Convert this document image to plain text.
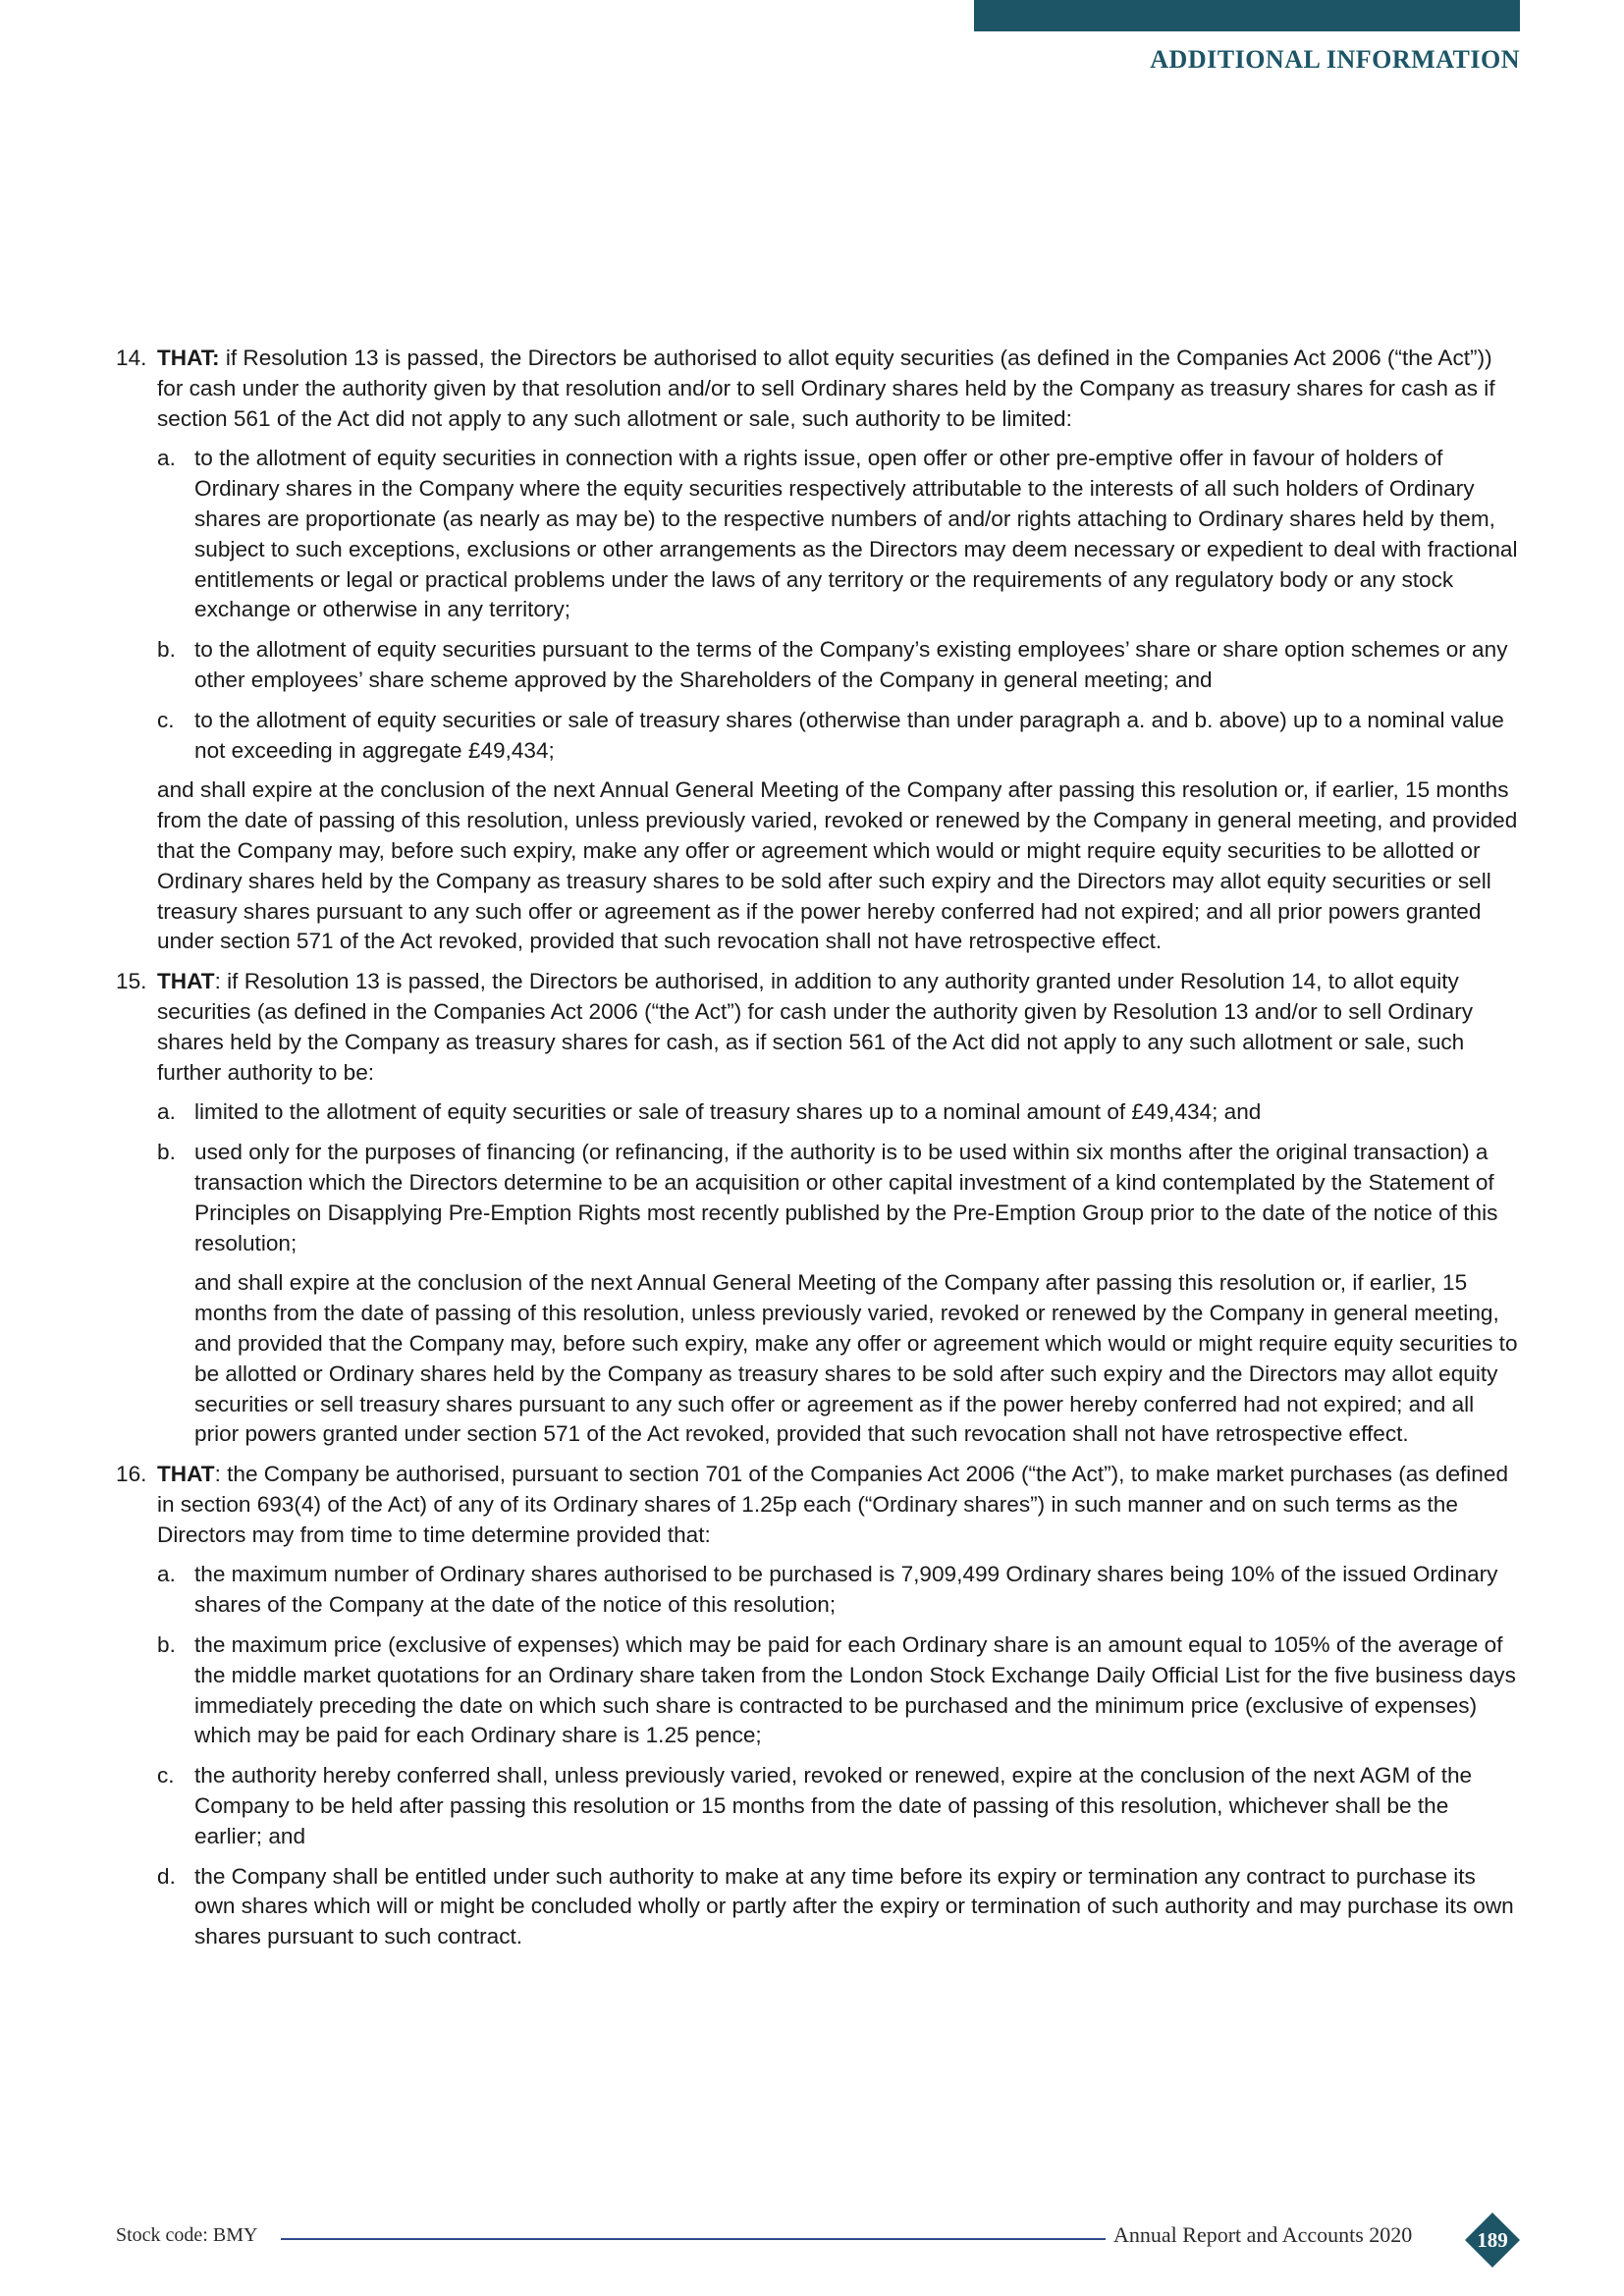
ADDITIONAL INFORMATION
14. THAT: if Resolution 13 is passed, the Directors be authorised to allot equity securities (as defined in the Companies Act 2006 (“the Act”)) for cash under the authority given by that resolution and/or to sell Ordinary shares held by the Company as treasury shares for cash as if section 561 of the Act did not apply to any such allotment or sale, such authority to be limited:

a. to the allotment of equity securities in connection with a rights issue, open offer or other pre-emptive offer in favour of holders of Ordinary shares in the Company where the equity securities respectively attributable to the interests of all such holders of Ordinary shares are proportionate (as nearly as may be) to the respective numbers of and/or rights attaching to Ordinary shares held by them, subject to such exceptions, exclusions or other arrangements as the Directors may deem necessary or expedient to deal with fractional entitlements or legal or practical problems under the laws of any territory or the requirements of any regulatory body or any stock exchange or otherwise in any territory;

b. to the allotment of equity securities pursuant to the terms of the Company’s existing employees’ share or share option schemes or any other employees’ share scheme approved by the Shareholders of the Company in general meeting; and

c. to the allotment of equity securities or sale of treasury shares (otherwise than under paragraph a. and b. above) up to a nominal value not exceeding in aggregate £49,434;

and shall expire at the conclusion of the next Annual General Meeting of the Company after passing this resolution or, if earlier, 15 months from the date of passing of this resolution, unless previously varied, revoked or renewed by the Company in general meeting, and provided that the Company may, before such expiry, make any offer or agreement which would or might require equity securities to be allotted or Ordinary shares held by the Company as treasury shares to be sold after such expiry and the Directors may allot equity securities or sell treasury shares pursuant to any such offer or agreement as if the power hereby conferred had not expired; and all prior powers granted under section 571 of the Act revoked, provided that such revocation shall not have retrospective effect.

15. THAT: if Resolution 13 is passed, the Directors be authorised, in addition to any authority granted under Resolution 14, to allot equity securities (as defined in the Companies Act 2006 (“the Act”) for cash under the authority given by Resolution 13 and/or to sell Ordinary shares held by the Company as treasury shares for cash, as if section 561 of the Act did not apply to any such allotment or sale, such further authority to be:

a. limited to the allotment of equity securities or sale of treasury shares up to a nominal amount of £49,434; and

b. used only for the purposes of financing (or refinancing, if the authority is to be used within six months after the original transaction) a transaction which the Directors determine to be an acquisition or other capital investment of a kind contemplated by the Statement of Principles on Disapplying Pre-Emption Rights most recently published by the Pre-Emption Group prior to the date of the notice of this resolution;

and shall expire at the conclusion of the next Annual General Meeting of the Company after passing this resolution or, if earlier, 15 months from the date of passing of this resolution, unless previously varied, revoked or renewed by the Company in general meeting, and provided that the Company may, before such expiry, make any offer or agreement which would or might require equity securities to be allotted or Ordinary shares held by the Company as treasury shares to be sold after such expiry and the Directors may allot equity securities or sell treasury shares pursuant to any such offer or agreement as if the power hereby conferred had not expired; and all prior powers granted under section 571 of the Act revoked, provided that such revocation shall not have retrospective effect.

16. THAT: the Company be authorised, pursuant to section 701 of the Companies Act 2006 (“the Act”), to make market purchases (as defined in section 693(4) of the Act) of any of its Ordinary shares of 1.25p each (“Ordinary shares”) in such manner and on such terms as the Directors may from time to time determine provided that:

a. the maximum number of Ordinary shares authorised to be purchased is 7,909,499 Ordinary shares being 10% of the issued Ordinary shares of the Company at the date of the notice of this resolution;

b. the maximum price (exclusive of expenses) which may be paid for each Ordinary share is an amount equal to 105% of the average of the middle market quotations for an Ordinary share taken from the London Stock Exchange Daily Official List for the five business days immediately preceding the date on which such share is contracted to be purchased and the minimum price (exclusive of expenses) which may be paid for each Ordinary share is 1.25 pence;

c. the authority hereby conferred shall, unless previously varied, revoked or renewed, expire at the conclusion of the next AGM of the Company to be held after passing this resolution or 15 months from the date of passing of this resolution, whichever shall be the earlier; and

d. the Company shall be entitled under such authority to make at any time before its expiry or termination any contract to purchase its own shares which will or might be concluded wholly or partly after the expiry or termination of such authority and may purchase its own shares pursuant to such contract.

Stock code: BMY	Annual Report and Accounts 2020	189
